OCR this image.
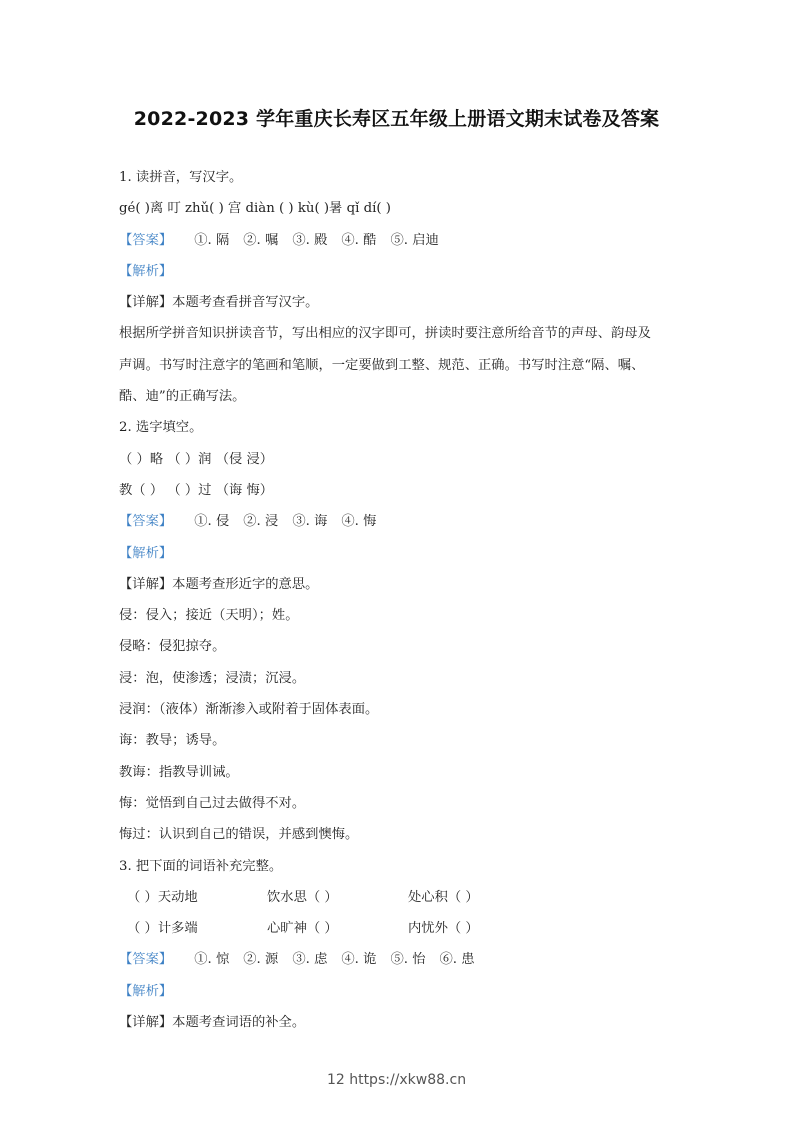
2022-2023 学年重庆长寿区五年级上册语文期末试卷及答案
1. 读拼音，写汉字。
gé( )离 叮 zhǔ( ) 宫 diàn ( ) kù( )暑 qǐ dí( )
【答案】 ①. 隔 ②. 嘱 ③. 殿 ④. 酷 ⑤. 启迪
【解析】
【详解】本题考查看拼音写汉字。
根据所学拼音知识拼读音节，写出相应的汉字即可，拼读时要注意所给音节的声母、韵母及
声调。书写时注意字的笔画和笔顺，一定要做到工整、规范、正确。书写时注意“隔、嘱、
酷、迪”的正确写法。
2. 选字填空。
（ ）略 （ ）润 （侵 浸）
教（ ） （ ）过 （诲 悔）
【答案】 ①. 侵 ②. 浸 ③. 诲 ④. 悔
【解析】
【详解】本题考查形近字的意思。
侵：侵入；接近（天明）；姓。
侵略：侵犯掠夺。
浸：泡，使渗透；浸渍；沉浸。
浸润：（液体）渐渐渗入或附着于固体表面。
诲：教导；诱导。
教诲：指教导训诫。
悔：觉悟到自己过去做得不对。
悔过：认识到自己的错误，并感到懊悔。
3. 把下面的词语补充完整。
（ ）天动地	饮水思（ ）	处心积（ ）
（ ）计多端	心旷神（ ）	内忧外（ ）
【答案】 ①. 惊 ②. 源 ③. 虑 ④. 诡 ⑤. 怡 ⑥. 患
【解析】
【详解】本题考查词语的补全。
12 https://xkw88.cn
